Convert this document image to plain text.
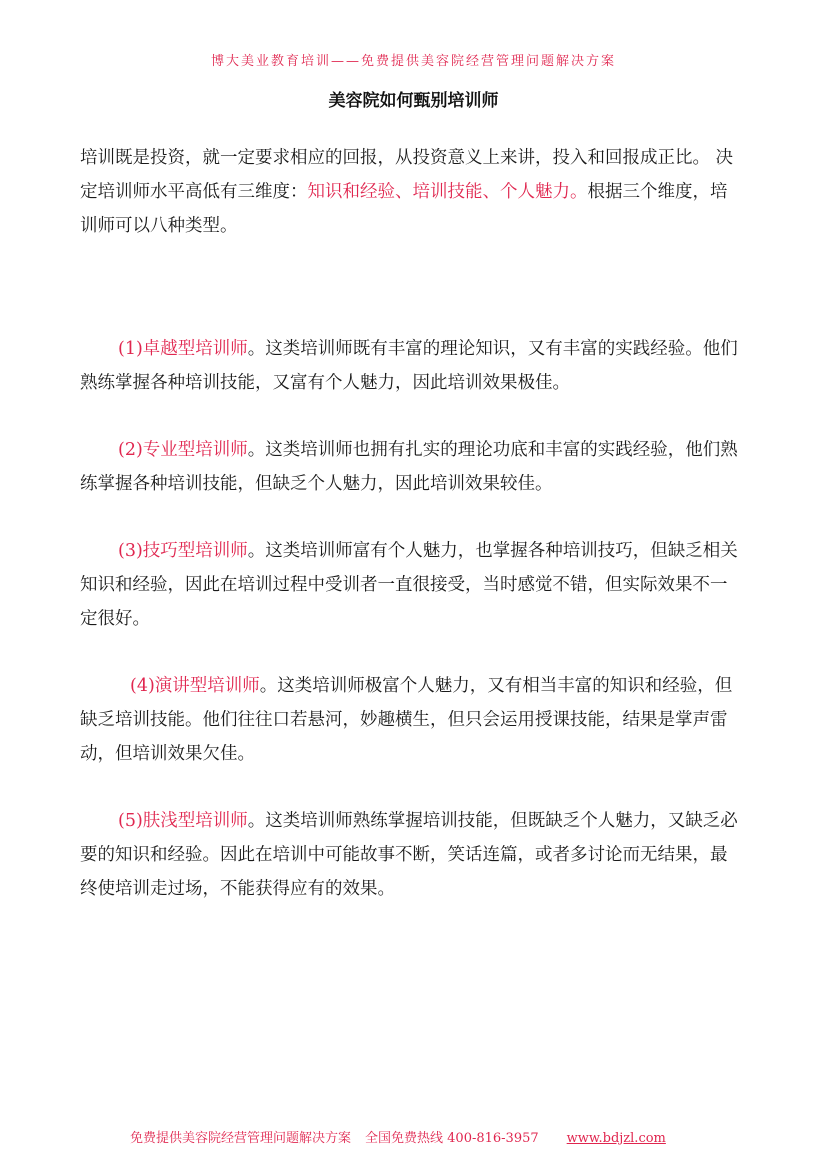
博大美业教育培训——免费提供美容院经营管理问题解决方案
美容院如何甄别培训师

培训既是投资，就一定要求相应的回报，从投资意义上来讲，投入和回报成正比。 决定培训师水平高低有三维度：知识和经验、培训技能、个人魅力。根据三个维度，培训师可以八种类型。

(1)卓越型培训师。这类培训师既有丰富的理论知识，又有丰富的实践经验。他们熟练掌握各种培训技能，又富有个人魅力，因此培训效果极佳。

(2)专业型培训师。这类培训师也拥有扎实的理论功底和丰富的实践经验，他们熟练掌握各种培训技能，但缺乏个人魅力，因此培训效果较佳。

(3)技巧型培训师。这类培训师富有个人魅力，也掌握各种培训技巧，但缺乏相关知识和经验，因此在培训过程中受训者一直很接受，当时感觉不错，但实际效果不一定很好。

(4)演讲型培训师。这类培训师极富个人魅力，又有相当丰富的知识和经验，但缺乏培训技能。他们往往口若悬河，妙趣横生，但只会运用授课技能，结果是掌声雷动，但培训效果欠佳。

(5)肤浅型培训师。这类培训师熟练掌握培训技能，但既缺乏个人魅力，又缺乏必要的知识和经验。因此在培训中可能故事不断，笑话连篇，或者多讨论而无结果，最终使培训走过场，不能获得应有的效果。

免费提供美容院经营管理问题解决方案 全国免费热线 400-816-3957 www.bdjzl.com
